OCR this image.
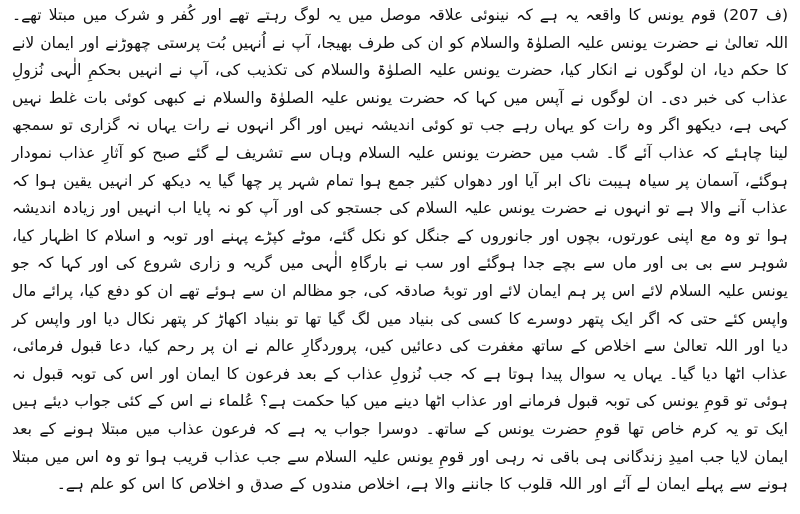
(ف 207) قوم یونس کا واقعہ یہ ہے کہ نینوئی علاقہ موصل میں یہ لوگ رہتے تھے اور کُفر و شرک میں مبتلا تھے۔ اللہ تعالیٰ نے حضرت یونس علیہ الصلوٰۃ والسلام کو ان کی طرف بھیجا، آپ نے اُنہیں بُت پرستی چھوڑنے اور ایمان لانے کا حکم دیا، ان لوگوں نے انکار کیا، حضرت یونس علیہ الصلوٰۃ والسلام کی تکذیب کی، آپ نے انہیں بحکمِ الٰہی نُزولِ عذاب کی خبر دی۔ ان لوگوں نے آپس میں کہا کہ حضرت یونس علیہ الصلوٰۃ والسلام نے کبھی کوئی بات غلط نہیں کہی ہے، دیکھو اگر وہ رات کو یہاں رہے جب تو کوئی اندیشہ نہیں اور اگر انہوں نے رات یہاں نہ گزاری تو سمجھ لینا چاہئے کہ عذاب آئے گا۔ شب میں حضرت یونس علیہ السلام وہاں سے تشریف لے گئے صبح کو آثارِ عذاب نمودار ہوگئے، آسمان پر سیاہ ہیبت ناک ابر آیا اور دھواں کثیر جمع ہوا تمام شہر پر چھا گیا یہ دیکھ کر انہیں یقین ہوا کہ عذاب آنے والا ہے تو انہوں نے حضرت یونس علیہ السلام کی جستجو کی اور آپ کو نہ پایا اب انہیں اور زیادہ اندیشہ ہوا تو وہ مع اپنی عورتوں، بچوں اور جانوروں کے جنگل کو نکل گئے، موٹے کپڑے پہنے اور توبہ و اسلام کا اظہار کیا، شوہر سے بی بی اور ماں سے بچے جدا ہوگئے اور سب نے بارگاہِ الٰہی میں گریہ و زاری شروع کی اور کہا کہ جو یونس علیہ السلام لائے اس پر ہم ایمان لائے اور توبۂ صادقہ کی، جو مظالم ان سے ہوئے تھے ان کو دفع کیا، پرائے مال واپس کئے حتی کہ اگر ایک پتھر دوسرے کا کسی کی بنیاد میں لگ گیا تھا تو بنیاد اکھاڑ کر پتھر نکال دیا اور واپس کر دیا اور اللہ تعالیٰ سے اخلاص کے ساتھ مغفرت کی دعائیں کیں، پروردگارِ عالم نے ان پر رحم کیا، دعا قبول فرمائی، عذاب اٹھا دیا گیا۔ یہاں یہ سوال پیدا ہوتا ہے کہ جب نُزولِ عذاب کے بعد فرعون کا ایمان اور اس کی توبہ قبول نہ ہوئی تو قومِ یونس کی توبہ قبول فرمانے اور عذاب اٹھا دینے میں کیا حکمت ہے؟ عُلماء نے اس کے کئی جواب دیئے ہیں ایک تو یہ کرم خاص تھا قومِ حضرت یونس کے ساتھ۔ دوسرا جواب یہ ہے کہ فرعون عذاب میں مبتلا ہونے کے بعد ایمان لایا جب امیدِ زندگانی ہی باقی نہ رہی اور قومِ یونس علیہ السلام سے جب عذاب قریب ہوا تو وہ اس میں مبتلا ہونے سے پہلے ایمان لے آئے اور اللہ قلوب کا جاننے والا ہے، اخلاص مندوں کے صدق و اخلاص کا اس کو علم ہے۔
